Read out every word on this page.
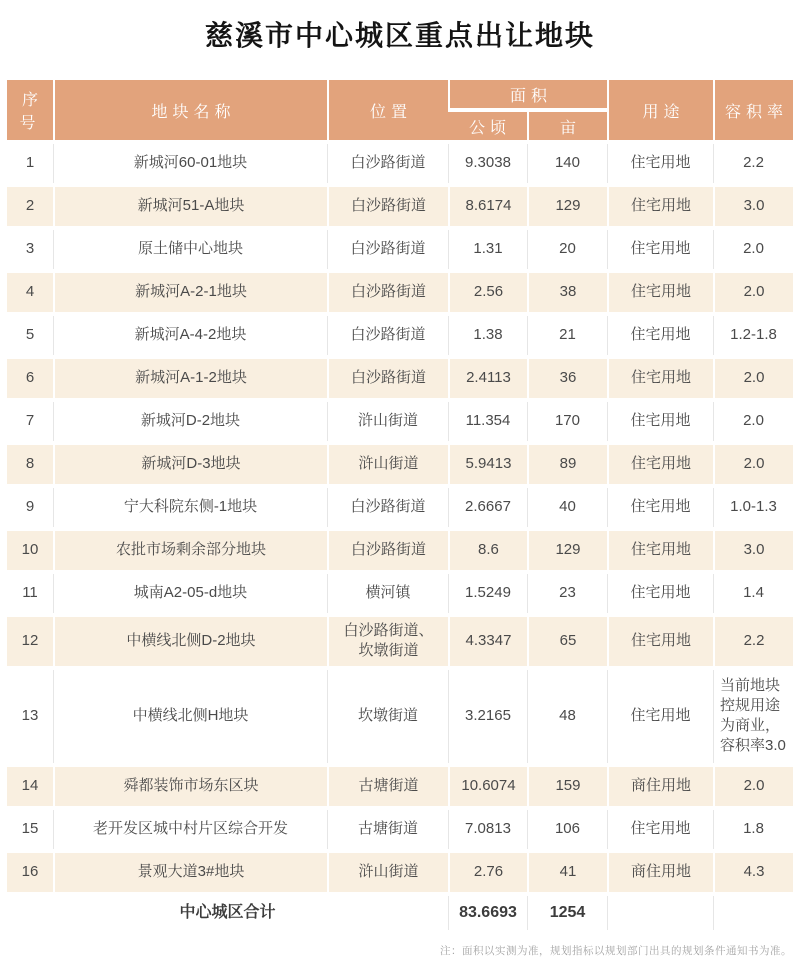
慈溪市中心城区重点出让地块
序号	地块名称	位置	面积		用途	容积率
			公顷	亩		
1	新城河60-01地块	白沙路街道	9.3038	140	住宅用地	2.2
2	新城河51-A地块	白沙路街道	8.6174	129	住宅用地	3.0
3	原土储中心地块	白沙路街道	1.31	20	住宅用地	2.0
4	新城河A-2-1地块	白沙路街道	2.56	38	住宅用地	2.0
5	新城河A-4-2地块	白沙路街道	1.38	21	住宅用地	1.2-1.8
6	新城河A-1-2地块	白沙路街道	2.4113	36	住宅用地	2.0
7	新城河D-2地块	浒山街道	11.354	170	住宅用地	2.0
8	新城河D-3地块	浒山街道	5.9413	89	住宅用地	2.0
9	宁大科院东侧-1地块	白沙路街道	2.6667	40	住宅用地	1.0-1.3
10	农批市场剩余部分地块	白沙路街道	8.6	129	住宅用地	3.0
11	城南A2-05-d地块	横河镇	1.5249	23	住宅用地	1.4
12	中横线北侧D-2地块	白沙路街道、坎墩街道	4.3347	65	住宅用地	2.2
13	中横线北侧H地块	坎墩街道	3.2165	48	住宅用地	当前地块控规用途为商业，容积率3.0
14	舜都装饰市场东区块	古塘街道	10.6074	159	商住用地	2.0
15	老开发区城中村片区综合开发	古塘街道	7.0813	106	住宅用地	1.8
16	景观大道3#地块	浒山街道	2.76	41	商住用地	4.3
中心城区合计			83.6693	1254		
注：面积以实测为准，规划指标以规划部门出具的规划条件通知书为准。
